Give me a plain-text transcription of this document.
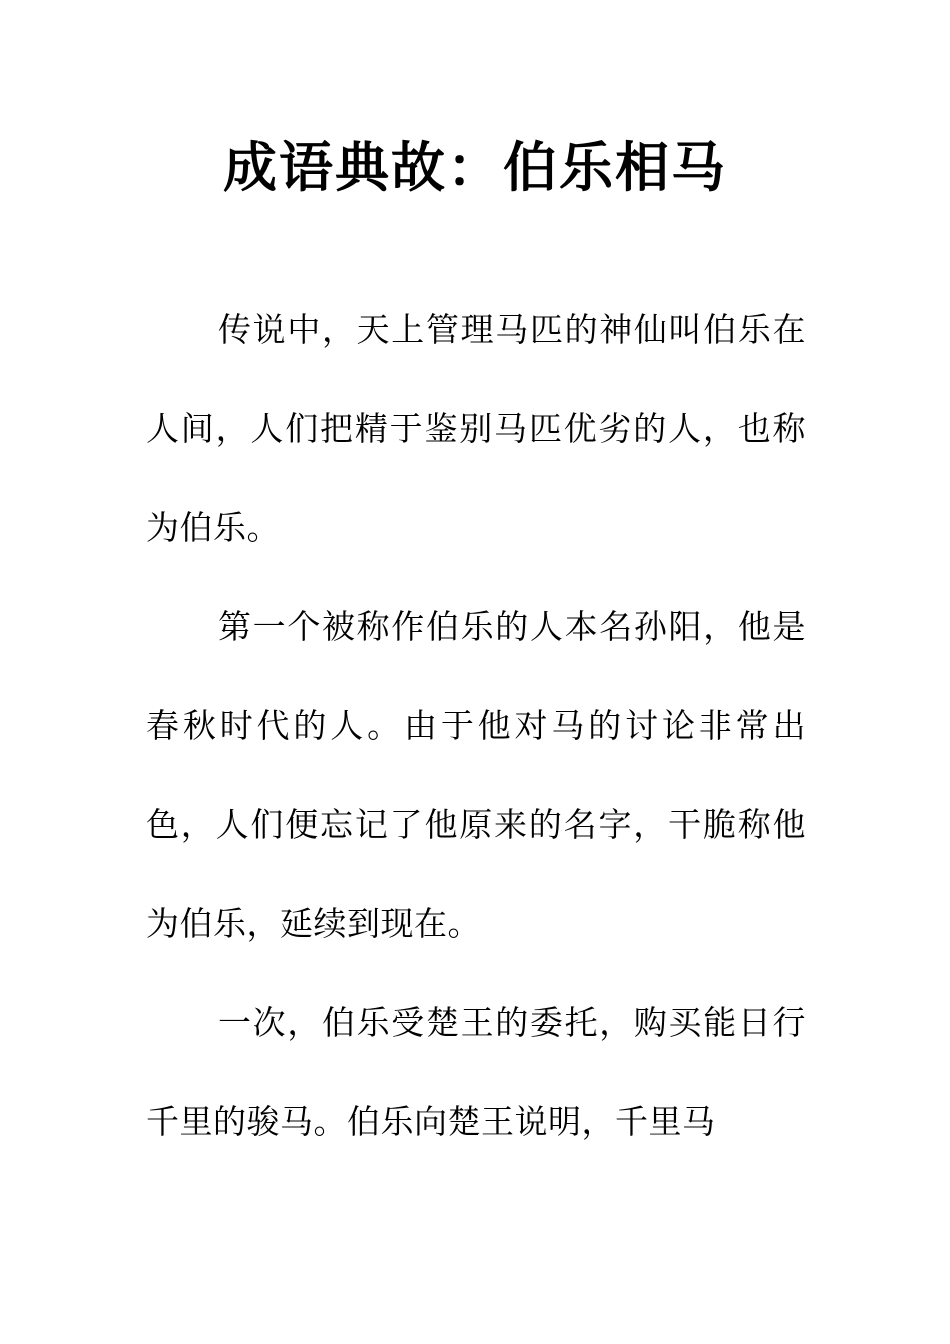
成语典故：伯乐相马

传说中，天上管理马匹的神仙叫伯乐在人间，人们把精于鉴别马匹优劣的人，也称为伯乐。

第一个被称作伯乐的人本名孙阳，他是春秋时代的人。由于他对马的讨论非常出色，人们便忘记了他原来的名字，干脆称他为伯乐，延续到现在。

一次，伯乐受楚王的委托，购买能日行千里的骏马。伯乐向楚王说明，千里马
